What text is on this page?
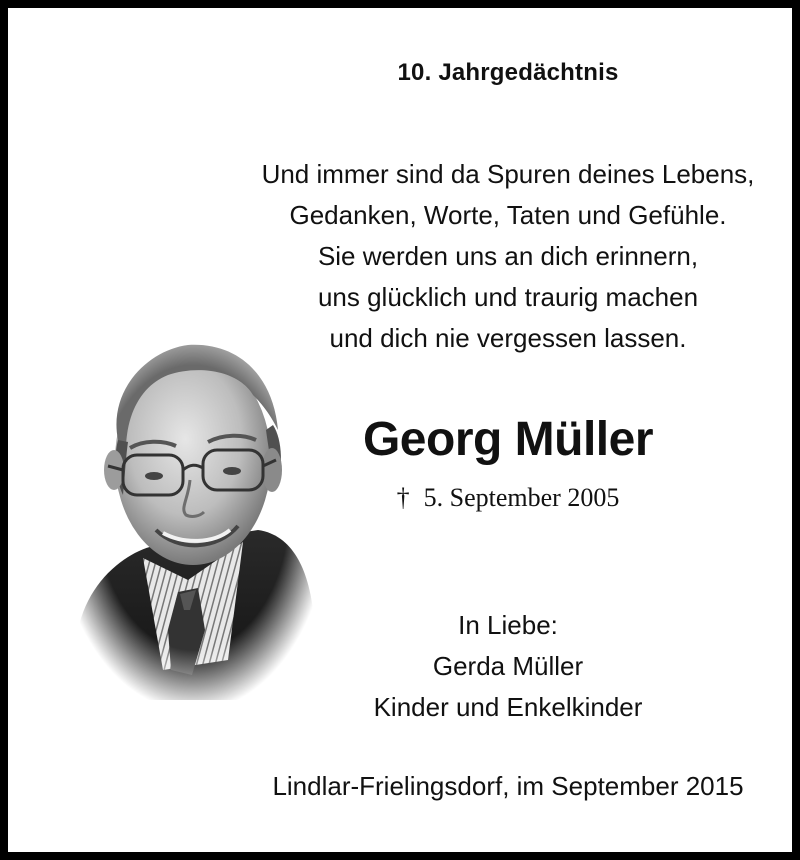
10. Jahrgedächtnis
Und immer sind da Spuren deines Lebens,
Gedanken, Worte, Taten und Gefühle.
Sie werden uns an dich erinnern,
uns glücklich und traurig machen
und dich nie vergessen lassen.
Georg Müller
† 5. September 2005
In Liebe:
Gerda Müller
Kinder und Enkelkinder
Lindlar-Frielingsdorf, im September 2015
